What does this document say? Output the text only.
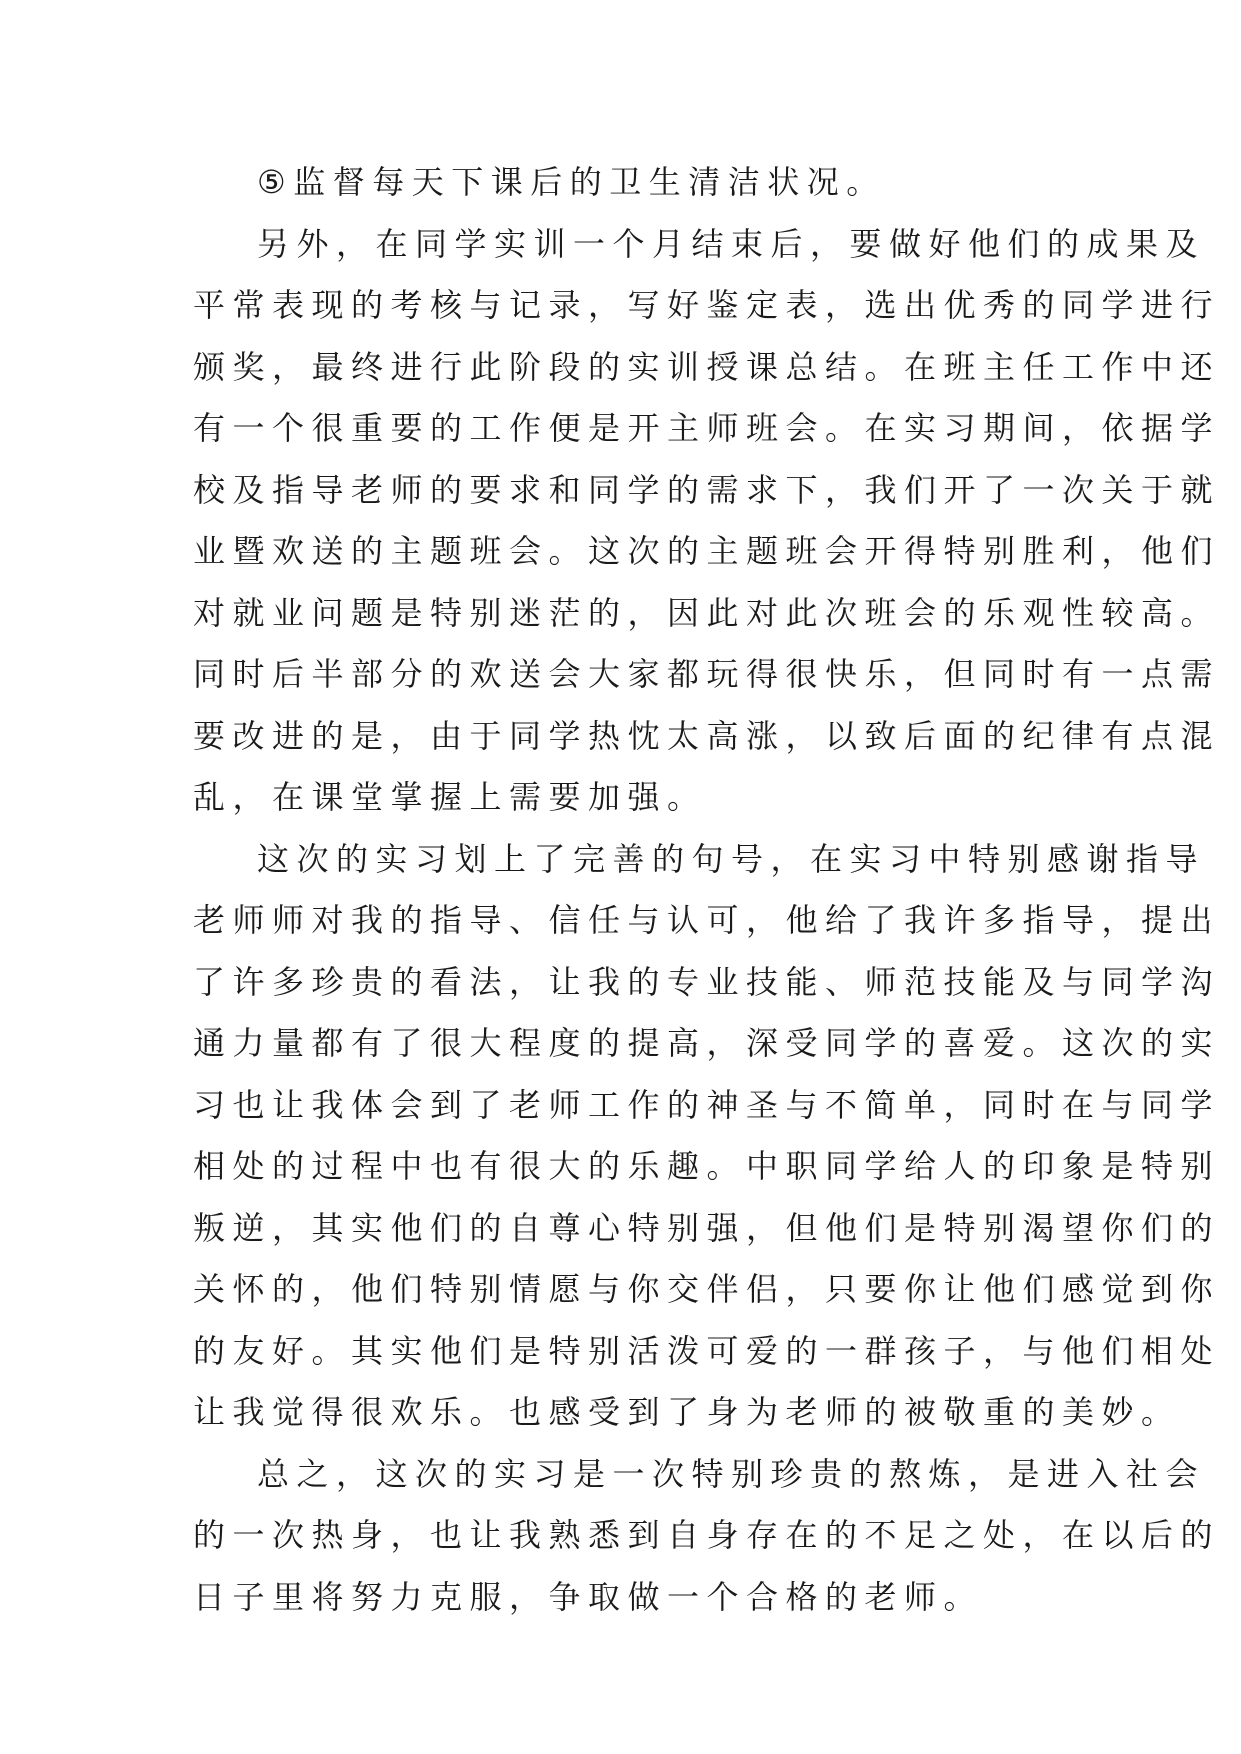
⑤监督每天下课后的卫生清洁状况。
另外，在同学实训一个月结束后，要做好他们的成果及
平常表现的考核与记录，写好鉴定表，选出优秀的同学进行
颁奖，最终进行此阶段的实训授课总结。在班主任工作中还
有一个很重要的工作便是开主师班会。在实习期间，依据学
校及指导老师的要求和同学的需求下，我们开了一次关于就
业暨欢送的主题班会。这次的主题班会开得特别胜利，他们
对就业问题是特别迷茫的，因此对此次班会的乐观性较高。
同时后半部分的欢送会大家都玩得很快乐，但同时有一点需
要改进的是，由于同学热忱太高涨，以致后面的纪律有点混
乱，在课堂掌握上需要加强。
这次的实习划上了完善的句号，在实习中特别感谢指导
老师师对我的指导、信任与认可，他给了我许多指导，提出
了许多珍贵的看法，让我的专业技能、师范技能及与同学沟
通力量都有了很大程度的提高，深受同学的喜爱。这次的实
习也让我体会到了老师工作的神圣与不简单，同时在与同学
相处的过程中也有很大的乐趣。中职同学给人的印象是特别
叛逆，其实他们的自尊心特别强，但他们是特别渴望你们的
关怀的，他们特别情愿与你交伴侣，只要你让他们感觉到你
的友好。其实他们是特别活泼可爱的一群孩子，与他们相处
让我觉得很欢乐。也感受到了身为老师的被敬重的美妙。
总之，这次的实习是一次特别珍贵的熬炼，是进入社会
的一次热身，也让我熟悉到自身存在的不足之处，在以后的
日子里将努力克服，争取做一个合格的老师。
